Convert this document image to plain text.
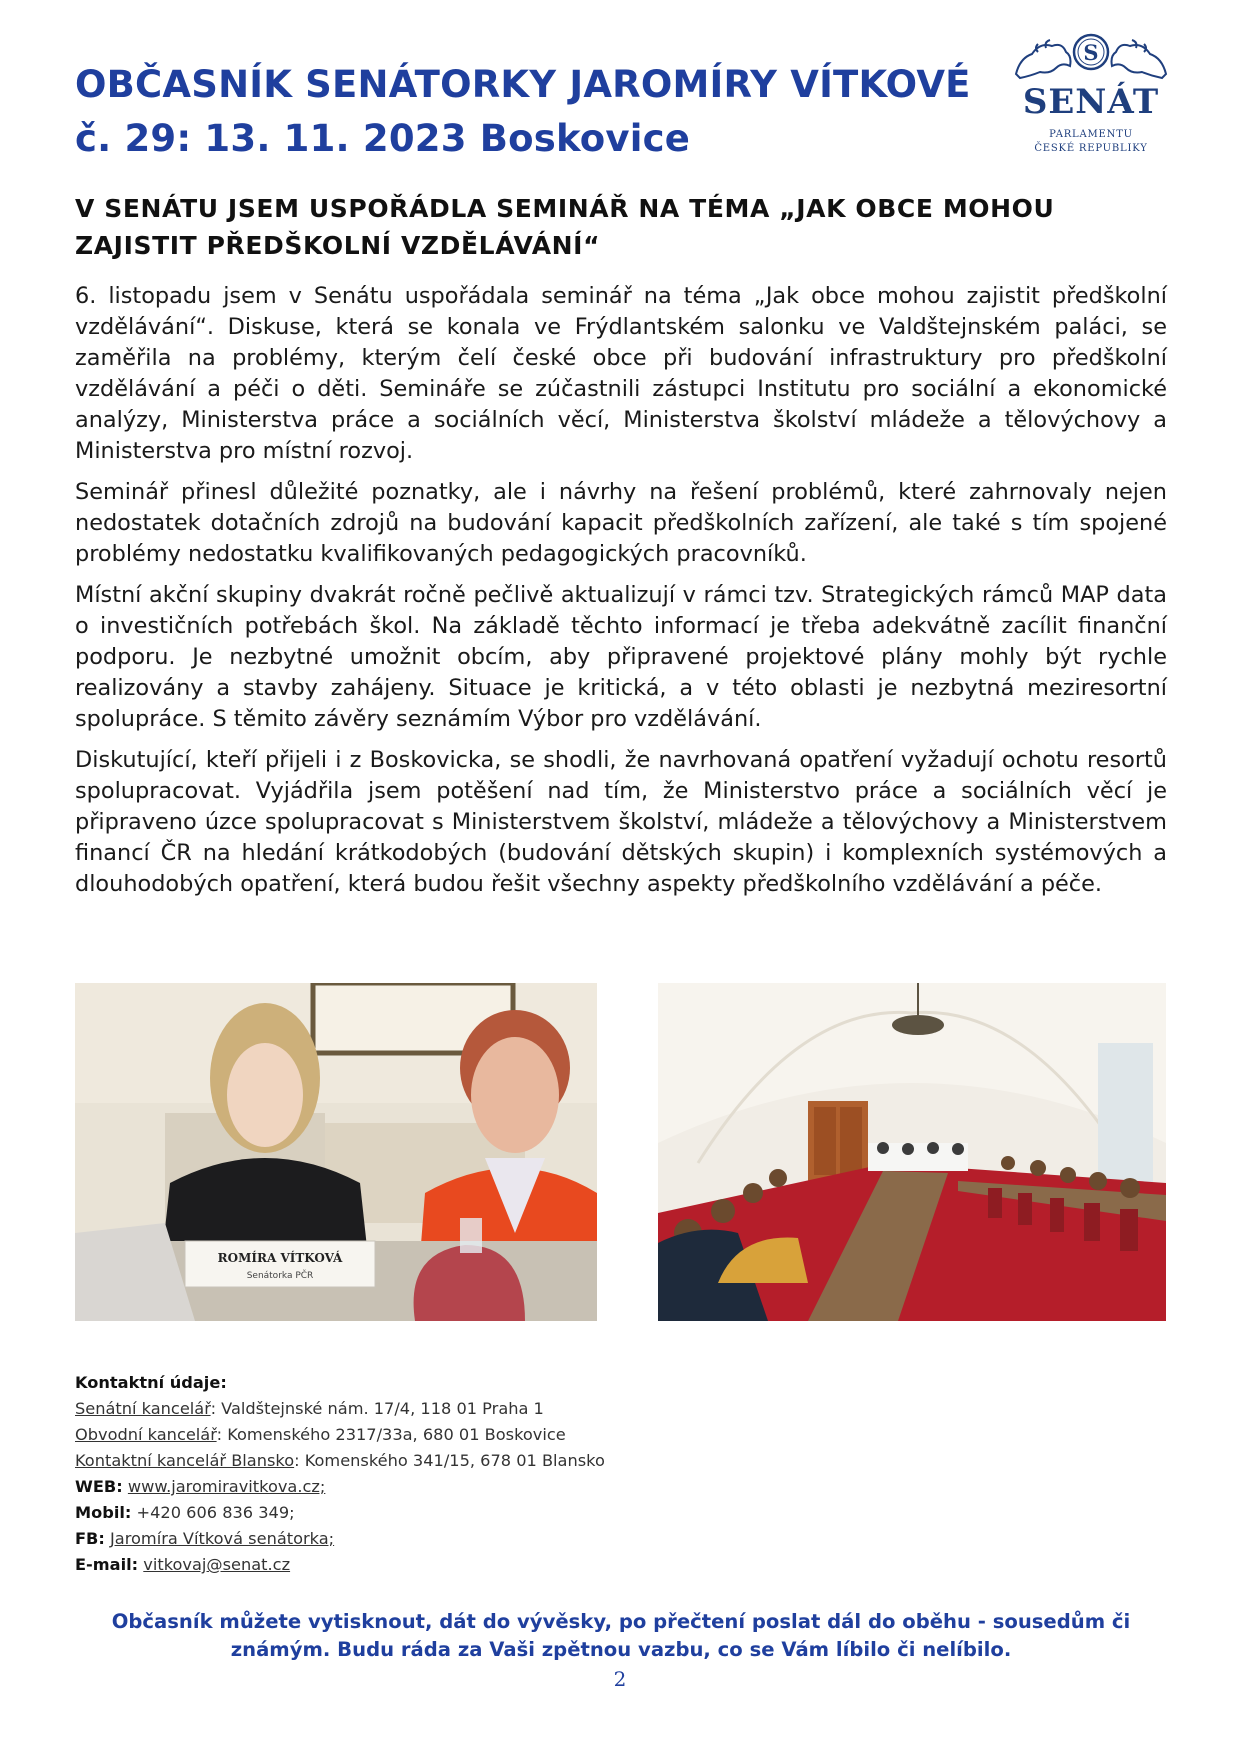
OBČASNÍK SENÁTORKY JAROMÍRY VÍTKOVÉ
č. 29: 13. 11. 2023 Boskovice
S
SENÁT
PARLAMENTU
ČESKÉ REPUBLIKY
V SENÁTU JSEM USPOŘÁDLA SEMINÁŘ NA TÉMA „JAK OBCE MOHOU ZAJISTIT PŘEDŠKOLNÍ VZDĚLÁVÁNÍ“

6. listopadu jsem v Senátu uspořádala seminář na téma „Jak obce mohou zajistit předškolní vzdělávání“. Diskuse, která se konala ve Frýdlantském salonku ve Valdštejnském paláci, se zaměřila na problémy, kterým čelí české obce při budování infrastruktury pro předškolní vzdělávání a péči o děti. Semináře se zúčastnili zástupci Institutu pro sociální a ekonomické analýzy, Ministerstva práce a sociálních věcí, Ministerstva školství mládeže a tělovýchovy a Ministerstva pro místní rozvoj.

Seminář přinesl důležité poznatky, ale i návrhy na řešení problémů, které zahrnovaly nejen nedostatek dotačních zdrojů na budování kapacit předškolních zařízení, ale také s tím spojené problémy nedostatku kvalifikovaných pedagogických pracovníků.

Místní akční skupiny dvakrát ročně pečlivě aktualizují v rámci tzv. Strategických rámců MAP data o investičních potřebách škol. Na základě těchto informací je třeba adekvátně zacílit finanční podporu. Je nezbytné umožnit obcím, aby připravené projektové plány mohly být rychle realizovány a stavby zahájeny. Situace je kritická, a v této oblasti je nezbytná meziresortní spolupráce. S těmito závěry seznámím Výbor pro vzdělávání.

Diskutující, kteří přijeli i z Boskovicka, se shodli, že navrhovaná opatření vyžadují ochotu resortů spolupracovat. Vyjádřila jsem potěšení nad tím, že Ministerstvo práce a sociálních věcí je připraveno úzce spolupracovat s Ministerstvem školství, mládeže a tělovýchovy a Ministerstvem financí ČR na hledání krátkodobých (budování dětských skupin) i komplexních systémových a dlouhodobých opatření, která budou řešit všechny aspekty předškolního vzdělávání a péče.

ROMÍRA VÍTKOVÁ
Senátorka PČR
Kontaktní údaje:
Senátní kancelář: Valdštejnské nám. 17/4, 118 01 Praha 1
Obvodní kancelář: Komenského 2317/33a, 680 01 Boskovice
Kontaktní kancelář Blansko: Komenského 341/15, 678 01 Blansko
WEB: www.jaromiravitkova.cz;
Mobil: +420 606 836 349;
FB: Jaromíra Vítková senátorka;
E-mail: vitkovaj@senat.cz
Občasník můžete vytisknout, dát do vývěsky, po přečtení poslat dál do oběhu - sousedům či známým. Budu ráda za Vaši zpětnou vazbu, co se Vám líbilo či nelíbilo.
2
